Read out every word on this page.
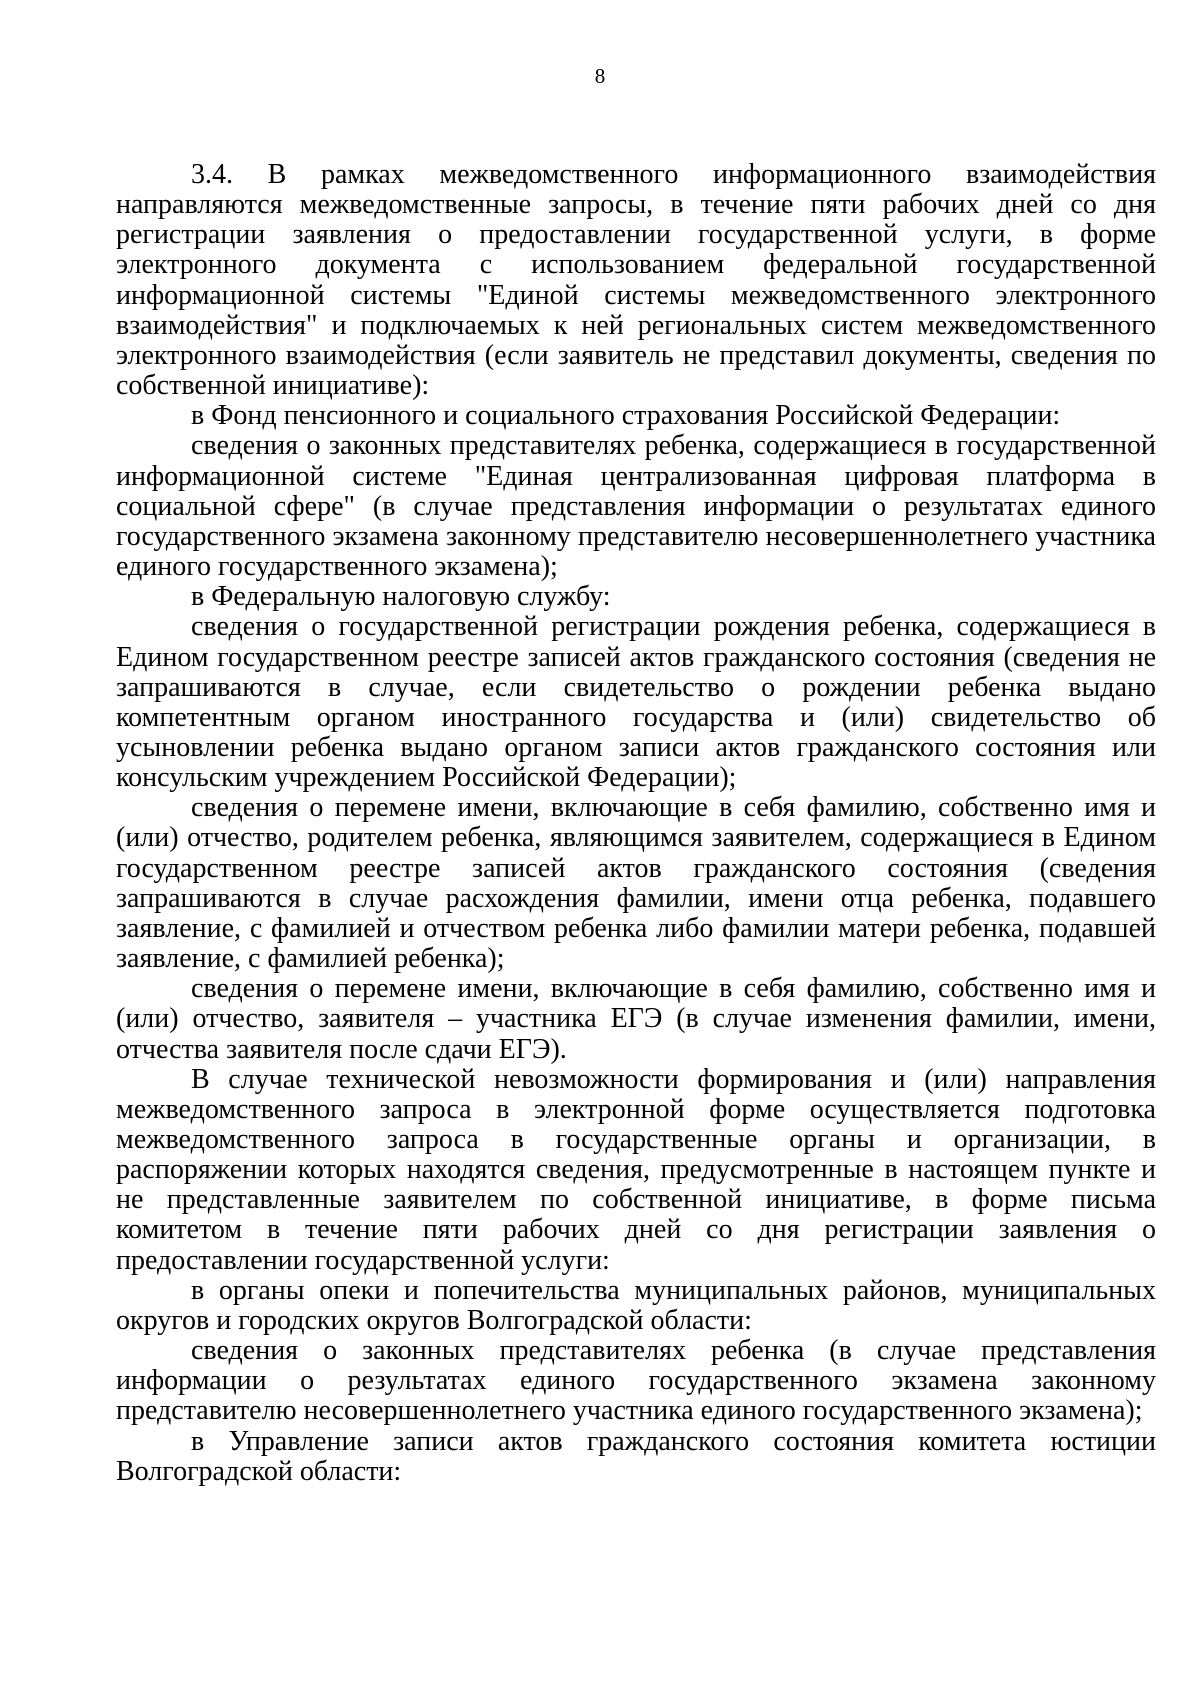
8

3.4. В рамках межведомственного информационного взаимодействия направляются межведомственные запросы, в течение пяти рабочих дней со дня регистрации заявления о предоставлении государственной услуги, в форме электронного документа с использованием федеральной государственной информационной системы "Единой системы межведомственного электронного взаимодействия" и подключаемых к ней региональных систем межведомственного электронного взаимодействия (если заявитель не представил документы, сведения по собственной инициативе):

в Фонд пенсионного и социального страхования Российской Федерации:

сведения о законных представителях ребенка, содержащиеся в государственной информационной системе "Единая централизованная цифровая платформа в социальной сфере" (в случае представления информации о результатах единого государственного экзамена законному представителю несовершеннолетнего участника единого государственного экзамена);

в Федеральную налоговую службу:

сведения о государственной регистрации рождения ребенка, содержащиеся в Едином государственном реестре записей актов гражданского состояния (сведения не запрашиваются в случае, если свидетельство о рождении ребенка выдано компетентным органом иностранного государства и (или) свидетельство об усыновлении ребенка выдано органом записи актов гражданского состояния или консульским учреждением Российской Федерации);

сведения о перемене имени, включающие в себя фамилию, собственно имя и (или) отчество, родителем ребенка, являющимся заявителем, содержащиеся в Едином государственном реестре записей актов гражданского состояния (сведения запрашиваются в случае расхождения фамилии, имени отца ребенка, подавшего заявление, с фамилией и отчеством ребенка либо фамилии матери ребенка, подавшей заявление, с фамилией ребенка);

сведения о перемене имени, включающие в себя фамилию, собственно имя и (или) отчество, заявителя – участника ЕГЭ (в случае изменения фамилии, имени, отчества заявителя после сдачи ЕГЭ).

В случае технической невозможности формирования и (или) направления межведомственного запроса в электронной форме осуществляется подготовка межведомственного запроса в государственные органы и организации, в распоряжении которых находятся сведения, предусмотренные в настоящем пункте и не представленные заявителем по собственной инициативе, в форме письма комитетом в течение пяти рабочих дней со дня регистрации заявления о предоставлении государственной услуги:

в органы опеки и попечительства муниципальных районов, муниципальных округов и городских округов Волгоградской области:

сведения о законных представителях ребенка (в случае представления информации о результатах единого государственного экзамена законному представителю несовершеннолетнего участника единого государственного экзамена);

в Управление записи актов гражданского состояния комитета юстиции Волгоградской области:
